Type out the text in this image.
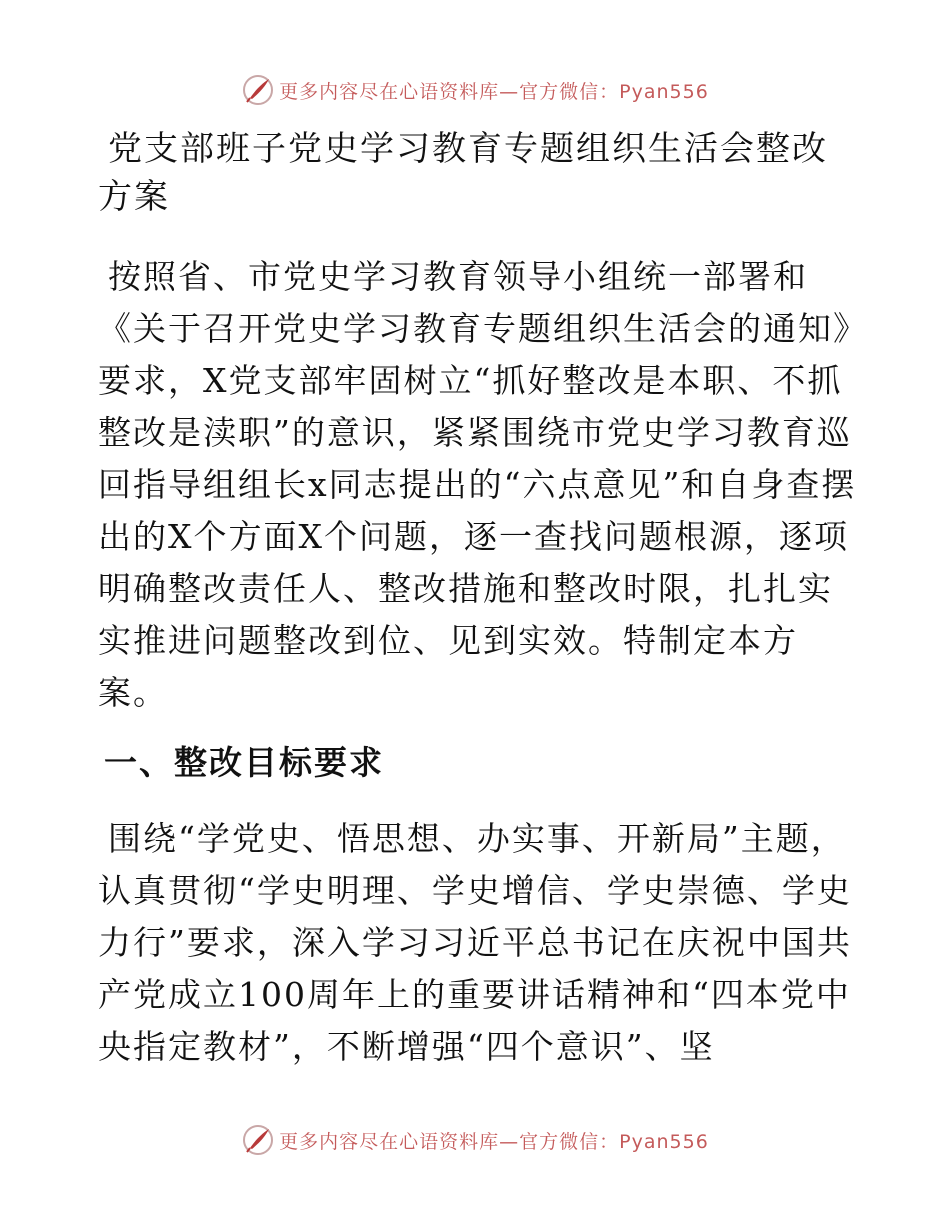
更多内容尽在心语资料库—官方微信：Pyan556
党支部班子党史学习教育专题组织生活会整改方案

按照省、市党史学习教育领导小组统一部署和《关于召开党史学习教育专题组织生活会的通知》要求，X党支部牢固树立“抓好整改是本职、不抓整改是渎职”的意识，紧紧围绕市党史学习教育巡回指导组组长x同志提出的“六点意见”和自身查摆出的X个方面X个问题，逐一查找问题根源，逐项明确整改责任人、整改措施和整改时限，扎扎实实推进问题整改到位、见到实效。特制定本方案。

一、整改目标要求

围绕“学党史、悟思想、办实事、开新局”主题，认真贯彻“学史明理、学史增信、学史崇德、学史力行”要求，深入学习习近平总书记在庆祝中国共产党成立100周年上的重要讲话精神和“四本党中央指定教材”，不断增强“四个意识”、坚

更多内容尽在心语资料库—官方微信：Pyan556
